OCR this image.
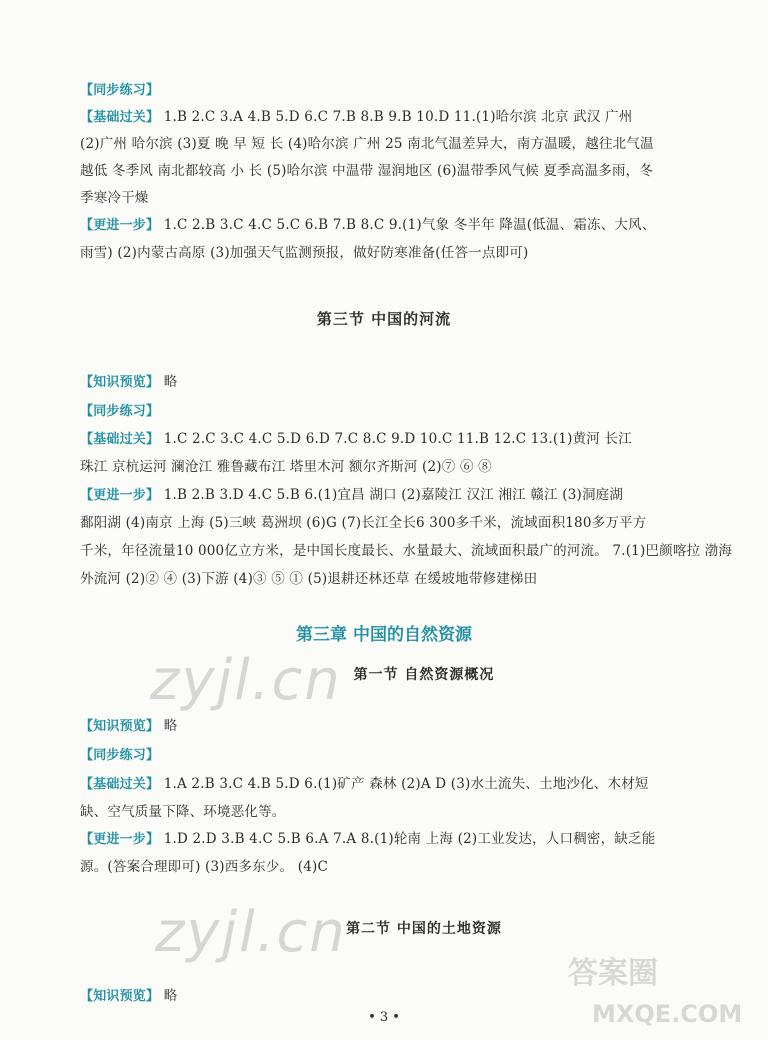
【同步练习】
【基础过关】 1.B 2.C 3.A 4.B 5.D 6.C 7.B 8.B 9.B 10.D 11.(1)哈尔滨 北京 武汉 广州
(2)广州 哈尔滨 (3)夏 晚 早 短 长 (4)哈尔滨 广州 25 南北气温差异大，南方温暖，越往北气温
越低 冬季风 南北都较高 小 长 (5)哈尔滨 中温带 湿润地区 (6)温带季风气候 夏季高温多雨，冬
季寒冷干燥
【更进一步】 1.C 2.B 3.C 4.C 5.C 6.B 7.B 8.C 9.(1)气象 冬半年 降温(低温、霜冻、大风、
雨雪) (2)内蒙古高原 (3)加强天气监测预报，做好防寒准备(任答一点即可)
第三节 中国的河流
【知识预览】 略
【同步练习】
【基础过关】 1.C 2.C 3.C 4.C 5.D 6.D 7.C 8.C 9.D 10.C 11.B 12.C 13.(1)黄河 长江
珠江 京杭运河 澜沧江 雅鲁藏布江 塔里木河 额尔齐斯河 (2)⑦ ⑥ ⑧
【更进一步】 1.B 2.B 3.D 4.C 5.B 6.(1)宜昌 湖口 (2)嘉陵江 汉江 湘江 赣江 (3)洞庭湖
鄱阳湖 (4)南京 上海 (5)三峡 葛洲坝 (6)G (7)长江全长6 300多千米，流域面积180多万平方
千米，年径流量10 000亿立方米，是中国长度最长、水量最大、流域面积最广的河流。 7.(1)巴颜喀拉 渤海
外流河 (2)② ④ (3)下游 (4)③ ⑤ ① (5)退耕还林还草 在缓坡地带修建梯田
第三章 中国的自然资源
第一节 自然资源概况
【知识预览】 略
【同步练习】
【基础过关】 1.A 2.B 3.C 4.B 5.D 6.(1)矿产 森林 (2)A D (3)水土流失、土地沙化、木材短
缺、空气质量下降、环境恶化等。
【更进一步】 1.D 2.D 3.B 4.C 5.B 6.A 7.A 8.(1)轮南 上海 (2)工业发达，人口稠密，缺乏能
源。(答案合理即可) (3)西多东少。 (4)C
第二节 中国的土地资源
【知识预览】 略
zyjl.cn
zyjl.cn
答案圈
MXQE.COM
• 3 •
